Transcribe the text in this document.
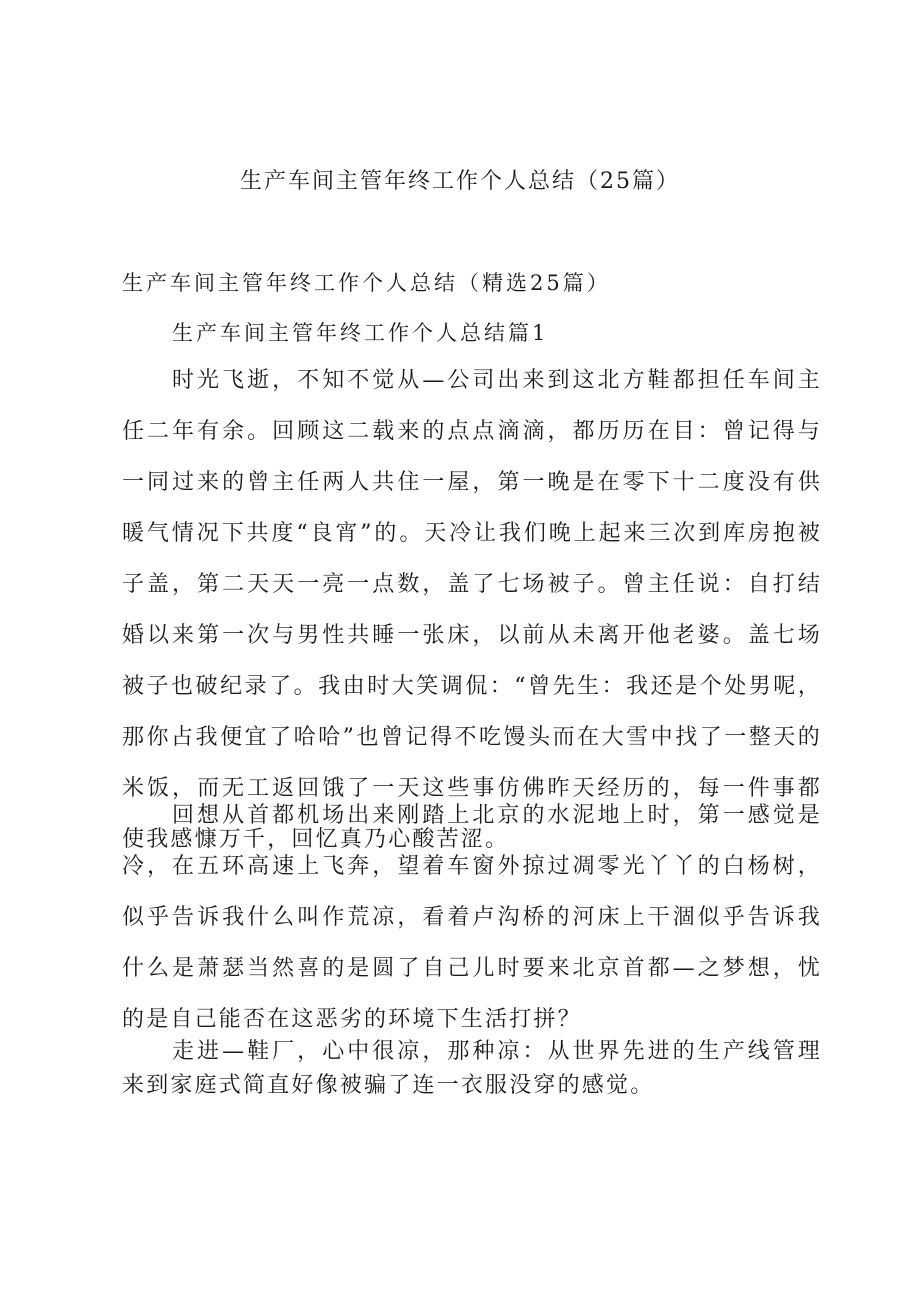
生产车间主管年终工作个人总结（25篇）
生产车间主管年终工作个人总结（精选25篇）
生产车间主管年终工作个人总结篇1

时光飞逝，不知不觉从—公司出来到这北方鞋都担任车间主任二年有余。回顾这二载来的点点滴滴，都历历在目：曾记得与一同过来的曾主任两人共住一屋，第一晚是在零下十二度没有供暖气情况下共度“良宵”的。天冷让我们晚上起来三次到库房抱被子盖，第二天天一亮一点数，盖了七场被子。曾主任说：自打结婚以来第一次与男性共睡一张床，以前从未离开他老婆。盖七场被子也破纪录了。我由时大笑调侃：“曾先生：我还是个处男呢，那你占我便宜了哈哈”也曾记得不吃馒头而在大雪中找了一整天的米饭，而无工返回饿了一天这些事仿佛昨天经历的，每一件事都使我感慷万千，回忆真乃心酸苦涩。

回想从首都机场出来刚踏上北京的水泥地上时，第一感觉是冷，在五环高速上飞奔，望着车窗外掠过凋零光丫丫的白杨树，似乎告诉我什么叫作荒凉，看着卢沟桥的河床上干涸似乎告诉我什么是萧瑟当然喜的是圆了自己儿时要来北京首都—之梦想，忧的是自己能否在这恶劣的环境下生活打拼？

走进—鞋厂，心中很凉，那种凉：从世界先进的生产线管理来到家庭式简直好像被骗了连一衣服没穿的感觉。
